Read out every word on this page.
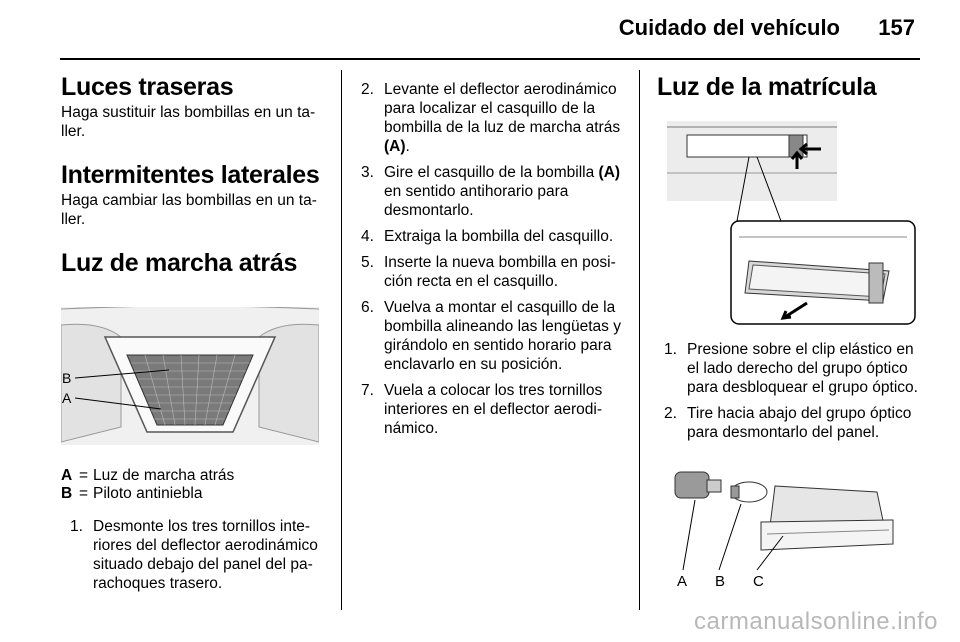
Cuidado del vehículo 157
Luces traseras

Haga sustituir las bombillas en un ta-ller.

Intermitentes laterales

Haga cambiar las bombillas en un ta-ller.

Luz de marcha atrás
B
A
A = Luz de marcha atrás
B = Piloto antiniebla
1. Desmonte los tres tornillos inte-riores del deflector aerodinámico situado debajo del panel del pa-rachoques trasero.
2. Levante el deflector aerodinámico para localizar el casquillo de la bombilla de la luz de marcha atrás (A).
3. Gire el casquillo de la bombilla (A) en sentido antihorario para desmontarlo.
4. Extraiga la bombilla del casquillo.
5. Inserte la nueva bombilla en posi-ción recta en el casquillo.
6. Vuelva a montar el casquillo de la bombilla alineando las lengüetas y girándolo en sentido horario para enclavarlo en su posición.
7. Vuela a colocar los tres tornillos interiores en el deflector aerodi-námico.
Luz de la matrícula
1. Presione sobre el clip elástico en el lado derecho del grupo óptico para desbloquear el grupo óptico.
2. Tire hacia abajo del grupo óptico para desmontarlo del panel.
A B C
carmanualsonline.info
